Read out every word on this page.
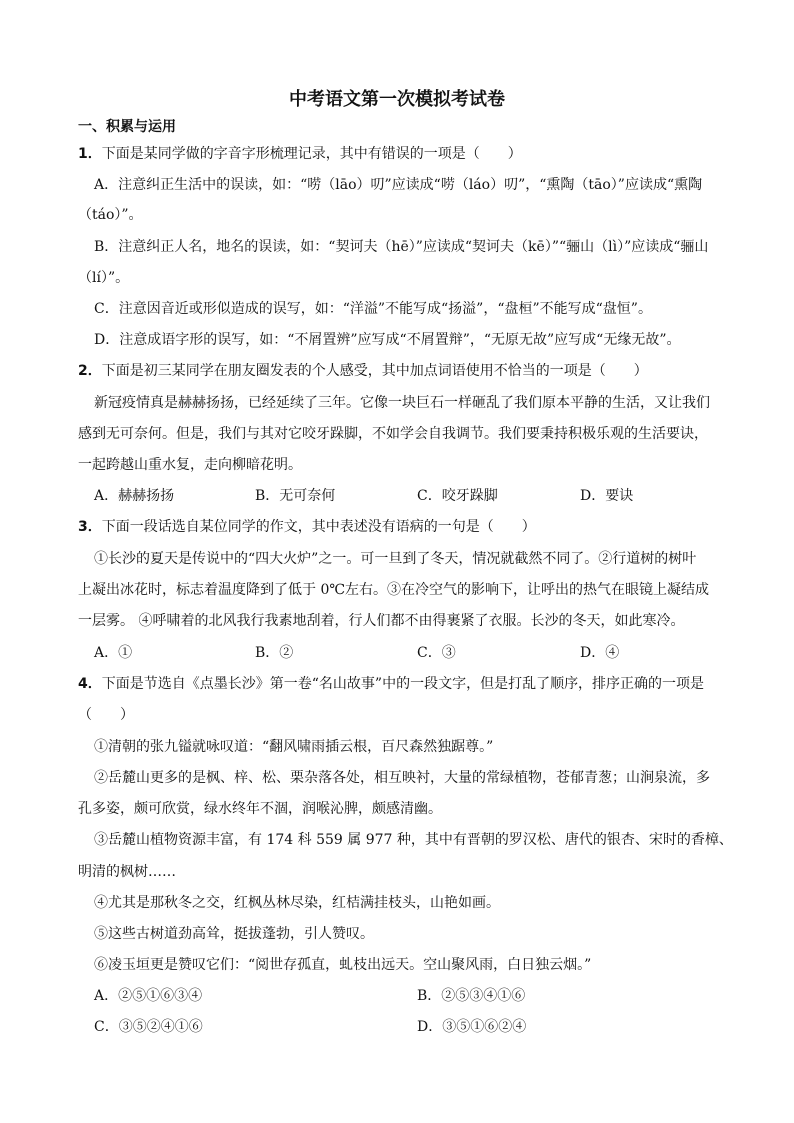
中考语文第一次模拟考试卷
一、积累与运用
1．下面是某同学做的字音字形梳理记录，其中有错误的一项是（　　）
A．注意纠正生活中的误读，如：“唠（lāo）叨”应读成“唠（láo）叨”，“熏陶（tāo）”应读成“熏陶
（táo）”。
B．注意纠正人名，地名的误读，如：“契诃夫（hē）”应读成“契诃夫（kē）”“骊山（lì）”应读成“骊山
（lí）”。
C．注意因音近或形似造成的误写，如：“洋溢”不能写成“扬溢”，“盘桓”不能写成“盘恒”。
D．注意成语字形的误写，如：“不屑置辨”应写成“不屑置辩”，“无原无故”应写成“无缘无故”。
2．下面是初三某同学在朋友圈发表的个人感受，其中加点词语使用不恰当的一项是（　　）
新冠疫情真是赫赫扬扬，已经延续了三年。它像一块巨石一样砸乱了我们原本平静的生活，又让我们
感到无可奈何。但是，我们与其对它咬牙跺脚，不如学会自我调节。我们要秉持积极乐观的生活要诀，
一起跨越山重水复，走向柳暗花明。
A．赫赫扬扬	B．无可奈何	C．咬牙跺脚	D．要诀
3．下面一段话选自某位同学的作文，其中表述没有语病的一句是（　　）
①长沙的夏天是传说中的“四大火炉”之一。可一旦到了冬天，情况就截然不同了。②行道树的树叶
上凝出冰花时，标志着温度降到了低于 0℃左右。③在冷空气的影响下，让呼出的热气在眼镜上凝结成
一层雾。 ④呼啸着的北风我行我素地刮着，行人们都不由得裹紧了衣服。长沙的冬天，如此寒冷。
A．①	B．②	C．③	D．④
4．下面是节选自《点墨长沙》第一卷“名山故事”中的一段文字，但是打乱了顺序，排序正确的一项是
（　　）
①清朝的张九镒就咏叹道：“翻风啸雨插云根，百尺森然独踞尊。”
②岳麓山更多的是枫、梓、松、栗杂落各处，相互映衬，大量的常绿植物，苍郁青葱；山涧泉流，多
孔多姿，颇可欣赏，绿水终年不涸，润喉沁脾，颇感清幽。
③岳麓山植物资源丰富，有 174 科 559 属 977 种，其中有晋朝的罗汉松、唐代的银杏、宋时的香樟、
明清的枫树……
④尤其是那秋冬之交，红枫丛林尽染，红桔满挂枝头，山艳如画。
⑤这些古树道劲高耸，挺拔蓬勃，引人赞叹。
⑥凌玉垣更是赞叹它们：“阅世存孤直，虬枝出远天。空山聚风雨，白日独云烟。”
A．②⑤①⑥③④	B．②⑤③④①⑥
C．③⑤②④①⑥	D．③⑤①⑥②④
